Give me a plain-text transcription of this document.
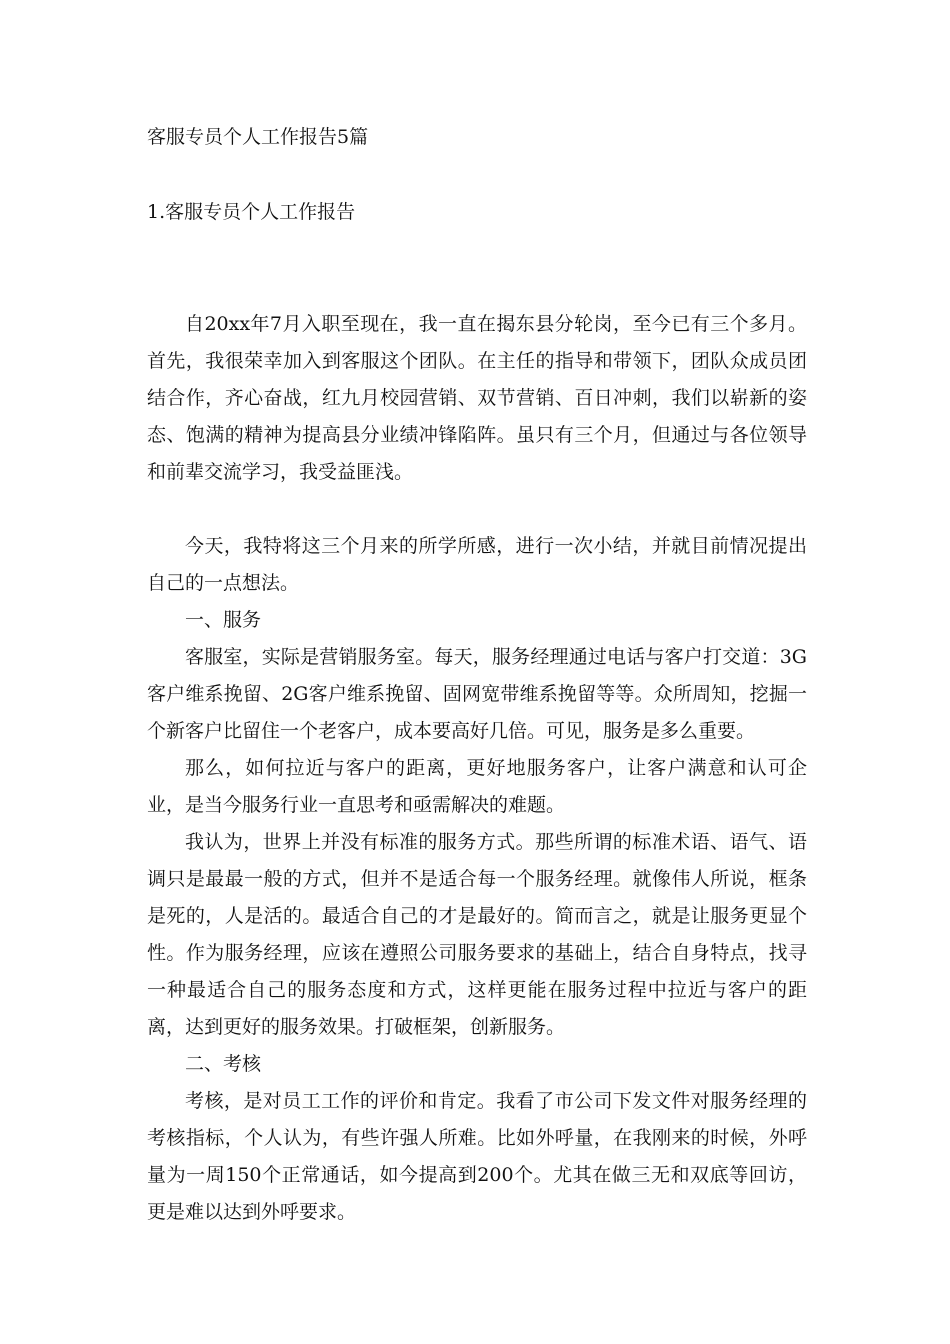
客服专员个人工作报告5篇
1.客服专员个人工作报告

自20xx年7月入职至现在，我一直在揭东县分轮岗，至今已有三个多月。首先，我很荣幸加入到客服这个团队。在主任的指导和带领下，团队众成员团结合作，齐心奋战，红九月校园营销、双节营销、百日冲刺，我们以崭新的姿态、饱满的精神为提高县分业绩冲锋陷阵。虽只有三个月，但通过与各位领导和前辈交流学习，我受益匪浅。

今天，我特将这三个月来的所学所感，进行一次小结，并就目前情况提出自己的一点想法。

一、服务

客服室，实际是营销服务室。每天，服务经理通过电话与客户打交道：3G客户维系挽留、2G客户维系挽留、固网宽带维系挽留等等。众所周知，挖掘一个新客户比留住一个老客户，成本要高好几倍。可见，服务是多么重要。

那么，如何拉近与客户的距离，更好地服务客户，让客户满意和认可企业，是当今服务行业一直思考和亟需解决的难题。

我认为，世界上并没有标准的服务方式。那些所谓的标准术语、语气、语调只是最最一般的方式，但并不是适合每一个服务经理。就像伟人所说，框条是死的，人是活的。最适合自己的才是最好的。简而言之，就是让服务更显个性。作为服务经理，应该在遵照公司服务要求的基础上，结合自身特点，找寻一种最适合自己的服务态度和方式，这样更能在服务过程中拉近与客户的距离，达到更好的服务效果。打破框架，创新服务。

二、考核

考核，是对员工工作的评价和肯定。我看了市公司下发文件对服务经理的考核指标，个人认为，有些许强人所难。比如外呼量，在我刚来的时候，外呼量为一周150个正常通话，如今提高到200个。尤其在做三无和双底等回访，更是难以达到外呼要求。
